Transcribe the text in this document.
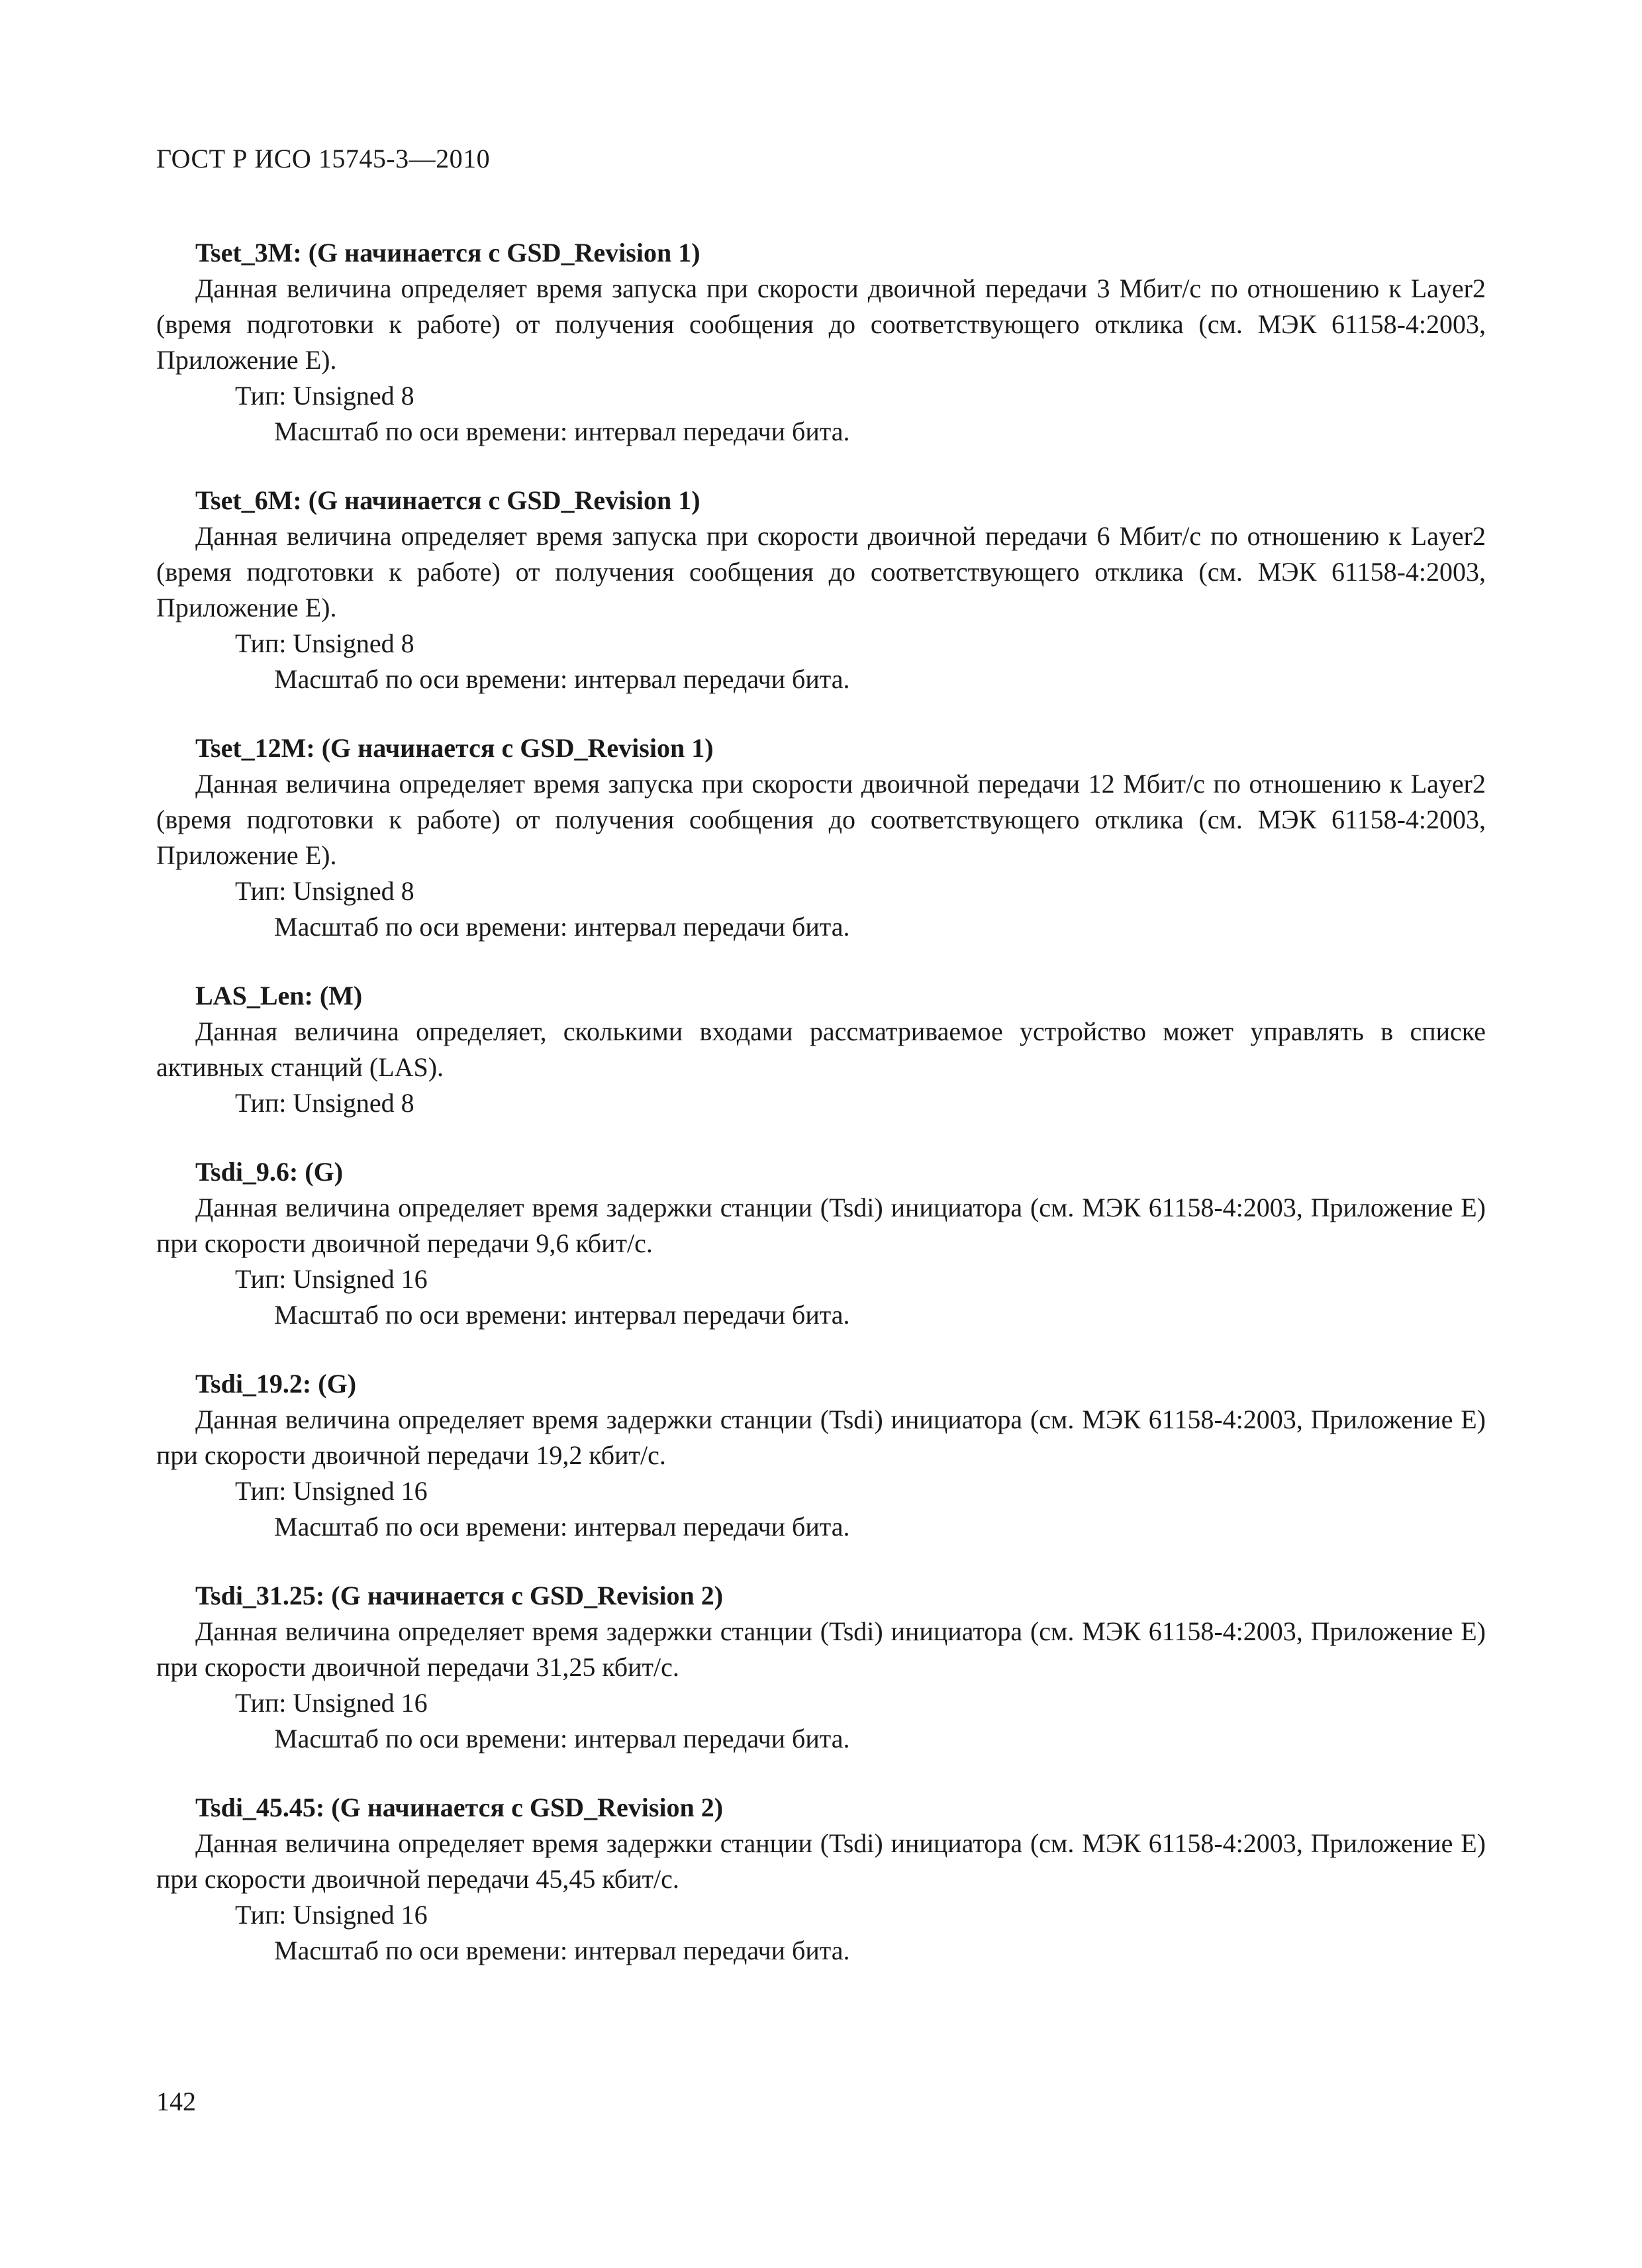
ГОСТ Р ИСО 15745-3—2010

Tset_3M: (G начинается с GSD_Revision 1)

Данная величина определяет время запуска при скорости двоичной передачи 3 Мбит/с по отношению к Layer2 (время подготовки к работе) от получения сообщения до соответствующего отклика (см. МЭК 61158-4:2003, Приложение Е).

Тип: Unsigned 8

Масштаб по оси времени: интервал передачи бита.

Tset_6M: (G начинается с GSD_Revision 1)

Данная величина определяет время запуска при скорости двоичной передачи 6 Мбит/с по отношению к Layer2 (время подготовки к работе) от получения сообщения до соответствующего отклика (см. МЭК 61158-4:2003, Приложение Е).

Тип: Unsigned 8

Масштаб по оси времени: интервал передачи бита.

Tset_12M: (G начинается с GSD_Revision 1)

Данная величина определяет время запуска при скорости двоичной передачи 12 Мбит/с по отношению к Layer2 (время подготовки к работе) от получения сообщения до соответствующего отклика (см. МЭК 61158-4:2003, Приложение Е).

Тип: Unsigned 8

Масштаб по оси времени: интервал передачи бита.

LAS_Len: (M)

Данная величина определяет, сколькими входами рассматриваемое устройство может управлять в списке активных станций (LAS).

Тип: Unsigned 8

Tsdi_9.6: (G)

Данная величина определяет время задержки станции (Tsdi) инициатора (см. МЭК 61158-4:2003, Приложение Е) при скорости двоичной передачи 9,6 кбит/с.

Тип: Unsigned 16

Масштаб по оси времени: интервал передачи бита.

Tsdi_19.2: (G)

Данная величина определяет время задержки станции (Tsdi) инициатора (см. МЭК 61158-4:2003, Приложение Е) при скорости двоичной передачи 19,2 кбит/с.

Тип: Unsigned 16

Масштаб по оси времени: интервал передачи бита.

Tsdi_31.25: (G начинается с GSD_Revision 2)

Данная величина определяет время задержки станции (Tsdi) инициатора (см. МЭК 61158-4:2003, Приложение Е) при скорости двоичной передачи 31,25 кбит/с.

Тип: Unsigned 16

Масштаб по оси времени: интервал передачи бита.

Tsdi_45.45: (G начинается с GSD_Revision 2)

Данная величина определяет время задержки станции (Tsdi) инициатора (см. МЭК 61158-4:2003, Приложение Е) при скорости двоичной передачи 45,45 кбит/с.

Тип: Unsigned 16

Масштаб по оси времени: интервал передачи бита.

142
